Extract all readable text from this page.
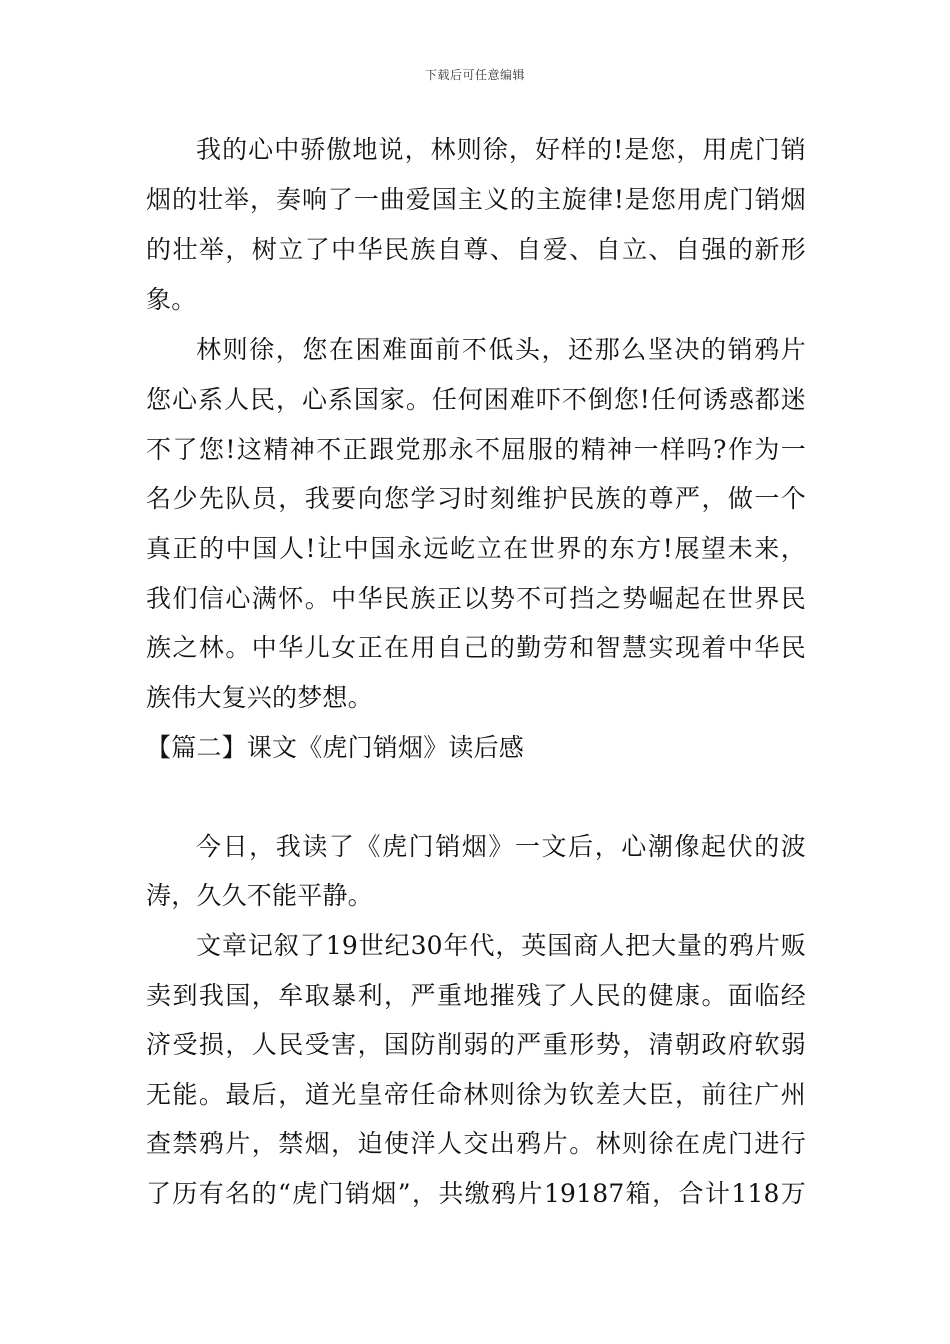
下载后可任意编辑
我的心中骄傲地说，林则徐，好样的!是您，用虎门销
烟的壮举，奏响了一曲爱国主义的主旋律!是您用虎门销烟
的壮举，树立了中华民族自尊、自爱、自立、自强的新形
象。
林则徐，您在困难面前不低头，还那么坚决的销鸦片
您心系人民，心系国家。任何困难吓不倒您!任何诱惑都迷
不了您!这精神不正跟党那永不屈服的精神一样吗?作为一
名少先队员，我要向您学习时刻维护民族的尊严，做一个
真正的中国人!让中国永远屹立在世界的东方!展望未来，
我们信心满怀。中华民族正以势不可挡之势崛起在世界民
族之林。中华儿女正在用自己的勤劳和智慧实现着中华民
族伟大复兴的梦想。
【篇二】课文《虎门销烟》读后感
今日，我读了《虎门销烟》一文后，心潮像起伏的波
涛，久久不能平静。
文章记叙了19世纪30年代，英国商人把大量的鸦片贩
卖到我国，牟取暴利，严重地摧残了人民的健康。面临经
济受损，人民受害，国防削弱的严重形势，清朝政府软弱
无能。最后，道光皇帝任命林则徐为钦差大臣，前往广州
查禁鸦片，禁烟，迫使洋人交出鸦片。林则徐在虎门进行
了历有名的“虎门销烟”，共缴鸦片19187箱，合计118万
